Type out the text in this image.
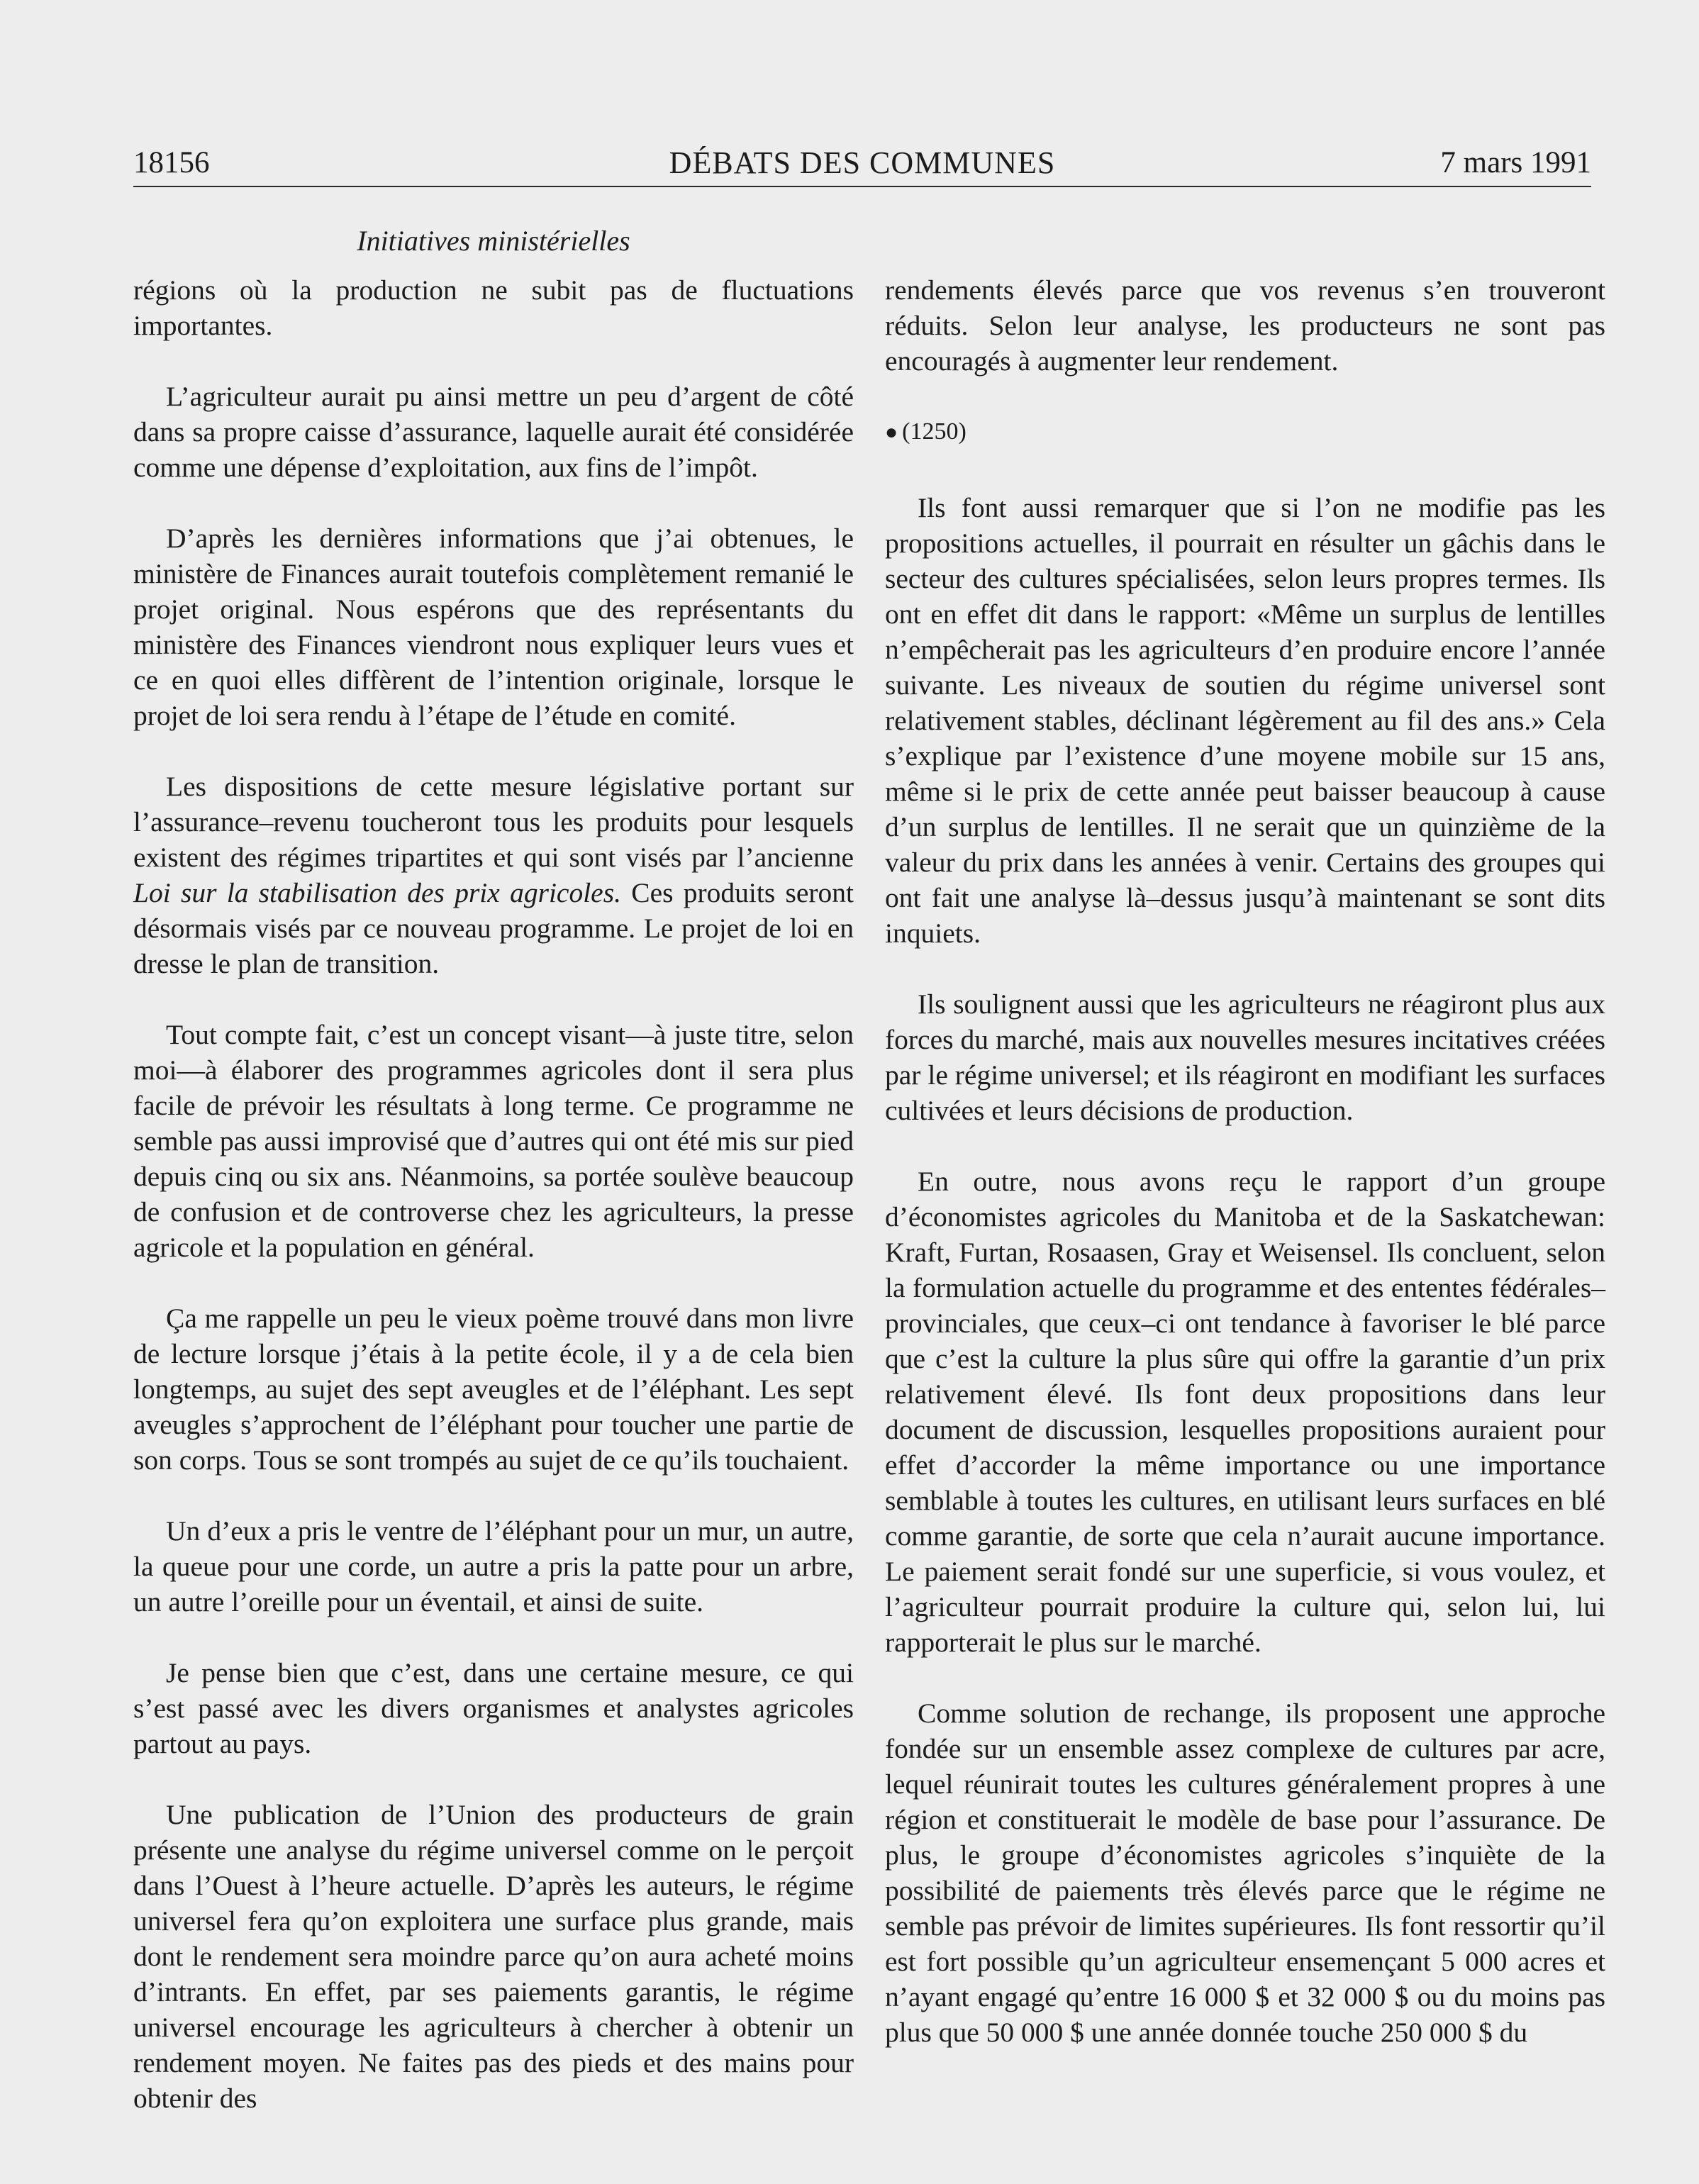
18156	DÉBATS DES COMMUNES	7 mars 1991
Initiatives ministérielles

régions où la production ne subit pas de fluctuations importantes.

L’agriculteur aurait pu ainsi mettre un peu d’argent de côté dans sa propre caisse d’assurance, laquelle aurait été considérée comme une dépense d’exploitation, aux fins de l’impôt.

D’après les dernières informations que j’ai obtenues, le ministère de Finances aurait toutefois complètement remanié le projet original. Nous espérons que des représentants du ministère des Finances viendront nous expliquer leurs vues et ce en quoi elles diffèrent de l’intention originale, lorsque le projet de loi sera rendu à l’étape de l’étude en comité.

Les dispositions de cette mesure législative portant sur l’assurance–revenu toucheront tous les produits pour lesquels existent des régimes tripartites et qui sont visés par l’ancienne Loi sur la stabilisation des prix agricoles. Ces produits seront désormais visés par ce nouveau programme. Le projet de loi en dresse le plan de transition.

Tout compte fait, c’est un concept visant—à juste titre, selon moi—à élaborer des programmes agricoles dont il sera plus facile de prévoir les résultats à long terme. Ce programme ne semble pas aussi improvisé que d’autres qui ont été mis sur pied depuis cinq ou six ans. Néanmoins, sa portée soulève beaucoup de confusion et de controverse chez les agriculteurs, la presse agricole et la population en général.

Ça me rappelle un peu le vieux poème trouvé dans mon livre de lecture lorsque j’étais à la petite école, il y a de cela bien longtemps, au sujet des sept aveugles et de l’éléphant. Les sept aveugles s’approchent de l’éléphant pour toucher une partie de son corps. Tous se sont trompés au sujet de ce qu’ils touchaient.

Un d’eux a pris le ventre de l’éléphant pour un mur, un autre, la queue pour une corde, un autre a pris la patte pour un arbre, un autre l’oreille pour un éventail, et ainsi de suite.

Je pense bien que c’est, dans une certaine mesure, ce qui s’est passé avec les divers organismes et analystes agricoles partout au pays.

Une publication de l’Union des producteurs de grain présente une analyse du régime universel comme on le perçoit dans l’Ouest à l’heure actuelle. D’après les auteurs, le régime universel fera qu’on exploitera une surface plus grande, mais dont le rendement sera moindre parce qu’on aura acheté moins d’intrants. En effet, par ses paiements garantis, le régime universel encourage les agriculteurs à chercher à obtenir un rendement moyen. Ne faites pas des pieds et des mains pour obtenir des

rendements élevés parce que vos revenus s’en trouveront réduits. Selon leur analyse, les producteurs ne sont pas encouragés à augmenter leur rendement.

● (1250)

Ils font aussi remarquer que si l’on ne modifie pas les propositions actuelles, il pourrait en résulter un gâchis dans le secteur des cultures spécialisées, selon leurs propres termes. Ils ont en effet dit dans le rapport: «Même un surplus de lentilles n’empêcherait pas les agriculteurs d’en produire encore l’année suivante. Les niveaux de soutien du régime universel sont relativement stables, déclinant légèrement au fil des ans.» Cela s’explique par l’existence d’une moyene mobile sur 15 ans, même si le prix de cette année peut baisser beaucoup à cause d’un surplus de lentilles. Il ne serait que un quinzième de la valeur du prix dans les années à venir. Certains des groupes qui ont fait une analyse là–dessus jusqu’à maintenant se sont dits inquiets.

Ils soulignent aussi que les agriculteurs ne réagiront plus aux forces du marché, mais aux nouvelles mesures incitatives créées par le régime universel; et ils réagiront en modifiant les surfaces cultivées et leurs décisions de production.

En outre, nous avons reçu le rapport d’un groupe d’économistes agricoles du Manitoba et de la Saskatchewan: Kraft, Furtan, Rosaasen, Gray et Weisensel. Ils concluent, selon la formulation actuelle du programme et des ententes fédérales–provinciales, que ceux–ci ont tendance à favoriser le blé parce que c’est la culture la plus sûre qui offre la garantie d’un prix relativement élevé. Ils font deux propositions dans leur document de discussion, lesquelles propositions auraient pour effet d’accorder la même importance ou une importance semblable à toutes les cultures, en utilisant leurs surfaces en blé comme garantie, de sorte que cela n’aurait aucune importance. Le paiement serait fondé sur une superficie, si vous voulez, et l’agriculteur pourrait produire la culture qui, selon lui, lui rapporterait le plus sur le marché.

Comme solution de rechange, ils proposent une approche fondée sur un ensemble assez complexe de cultures par acre, lequel réunirait toutes les cultures généralement propres à une région et constituerait le modèle de base pour l’assurance. De plus, le groupe d’économistes agricoles s’inquiète de la possibilité de paiements très élevés parce que le régime ne semble pas prévoir de limites supérieures. Ils font ressortir qu’il est fort possible qu’un agriculteur ensemençant 5 000 acres et n’ayant engagé qu’entre 16 000 $ et 32 000 $ ou du moins pas plus que 50 000 $ une année donnée touche 250 000 $ du
